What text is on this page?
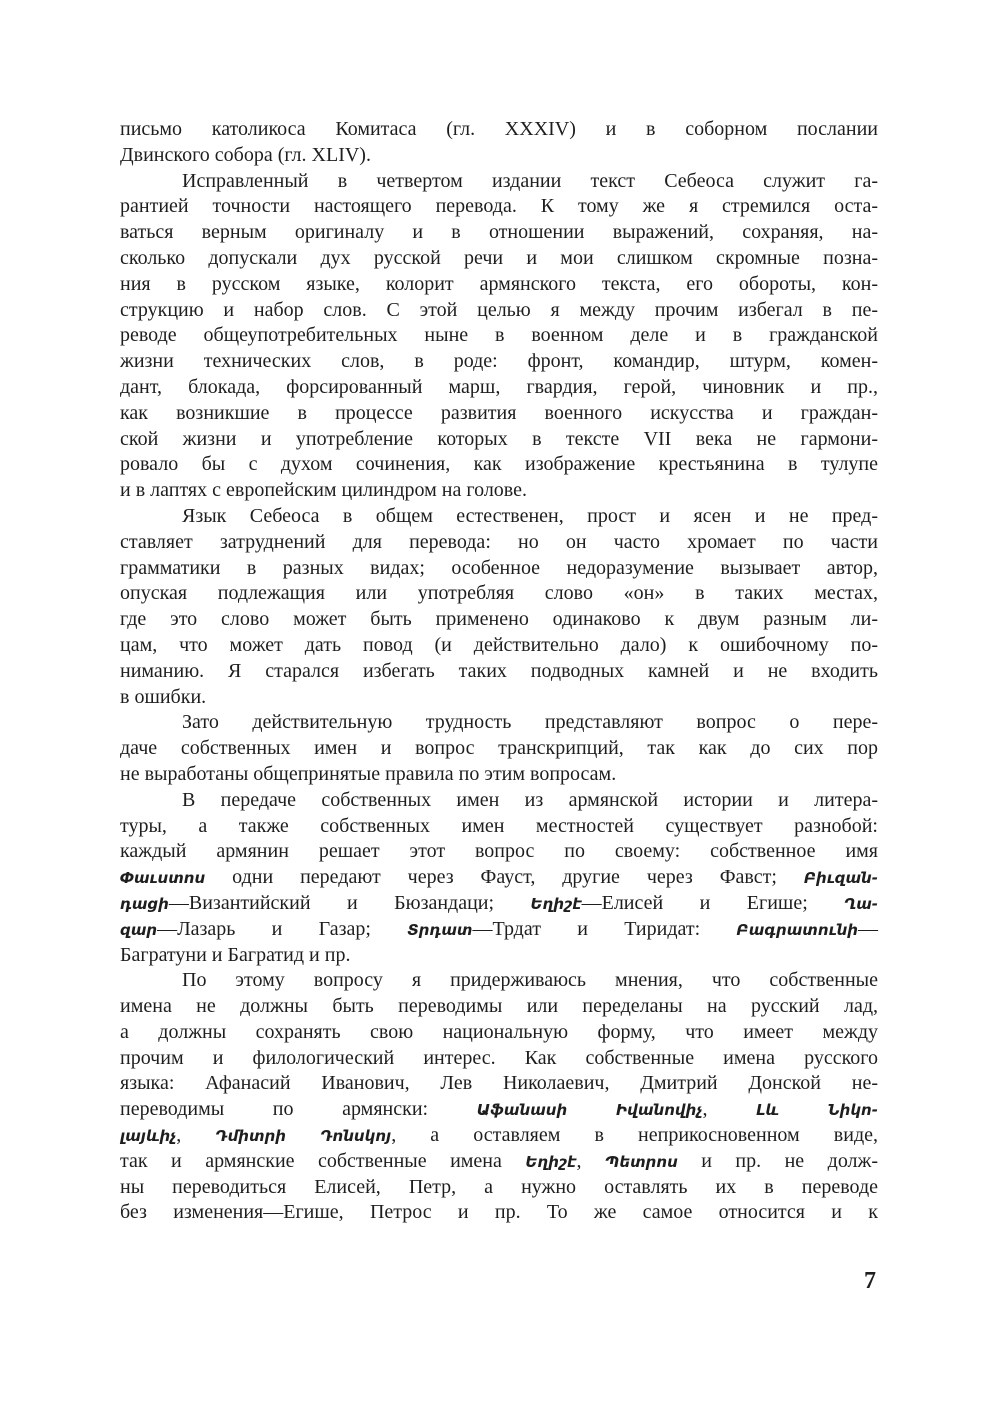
письмо католикоса Комитаса (гл. XXXIV) и в соборном послании
Двинского собора (гл. XLIV).
Исправленный в четвертом издании текст Себеоса служит га-
рантией точности настоящего перевода. К тому же я стремился оста-
ваться верным оригиналу и в отношении выражений, сохраняя, на-
сколько допускали дух русской речи и мои слишком скромные позна-
ния в русском языке, колорит армянского текста, его обороты, кон-
струкцию и набор слов. С этой целью я между прочим избегал в пе-
реводе общеупотребительных ныне в военном деле и в гражданской
жизни технических слов, в роде: фронт, командир, штурм, комен-
дант, блокада, форсированный марш, гвардия, герой, чиновник и пр.,
как возникшие в процессе развития военного искусства и граждан-
ской жизни и употребление которых в тексте VII века не гармони-
ровало бы с духом сочинения, как изображение крестьянина в тулупе
и в лаптях с европейским цилиндром на голове.
Язык Себеоса в общем естественен, прост и ясен и не пред-
ставляет затруднений для перевода: но он часто хромает по части
грамматики в разных видах; особенное недоразумение вызывает автор,
опуская подлежащия или употребляя слово «он» в таких местах,
где это слово может быть применено одинаково к двум разным ли-
цам, что может дать повод (и действительно дало) к ошибочному по-
ниманию. Я старался избегать таких подводных камней и не входить
в ошибки.
Зато действительную трудность представляют вопрос о пере-
даче собственных имен и вопрос транскрипций, так как до сих пор
не выработаны общепринятые правила по этим вопросам.
В передаче собственных имен из армянской истории и литера-
туры, а также собственных имен местностей существует разнобой:
каждый армянин решает этот вопрос по своему: собственное имя
Փաւստոս одни передают через Фауст, другие через Фавст; Բիւզան-
դացի—Византийский и Бюзандаци; Եղիշէ—Елисей и Егише; Ղա-
զար—Лазарь и Газар; Տրդատ—Трдат и Тиридат: Բագրատունի—
Багратуни и Багратид и пр.
По этому вопросу я придерживаюсь мнения, что собственные
имена не должны быть переводимы или переделаны на русский лад,
а должны сохранять свою национальную форму, что имеет между
прочим и филологический интерес. Как собственные имена русского
языка: Афанасий Иванович, Лев Николаевич, Дмитрий Донской не-
переводимы по армянски: Աֆանասի Իվանովիչ, Լև Նիկո-
լայևիչ, Դմիտրի Դոնսկոյ, а оставляем в неприкосновенном виде,
так и армянские собственные имена Եղիշէ, Պետրոս и пр. не долж-
ны переводиться Елисей, Петр, а нужно оставлять их в переводе
без изменения—Егише, Петрос и пр. То же самое относится и к
7
